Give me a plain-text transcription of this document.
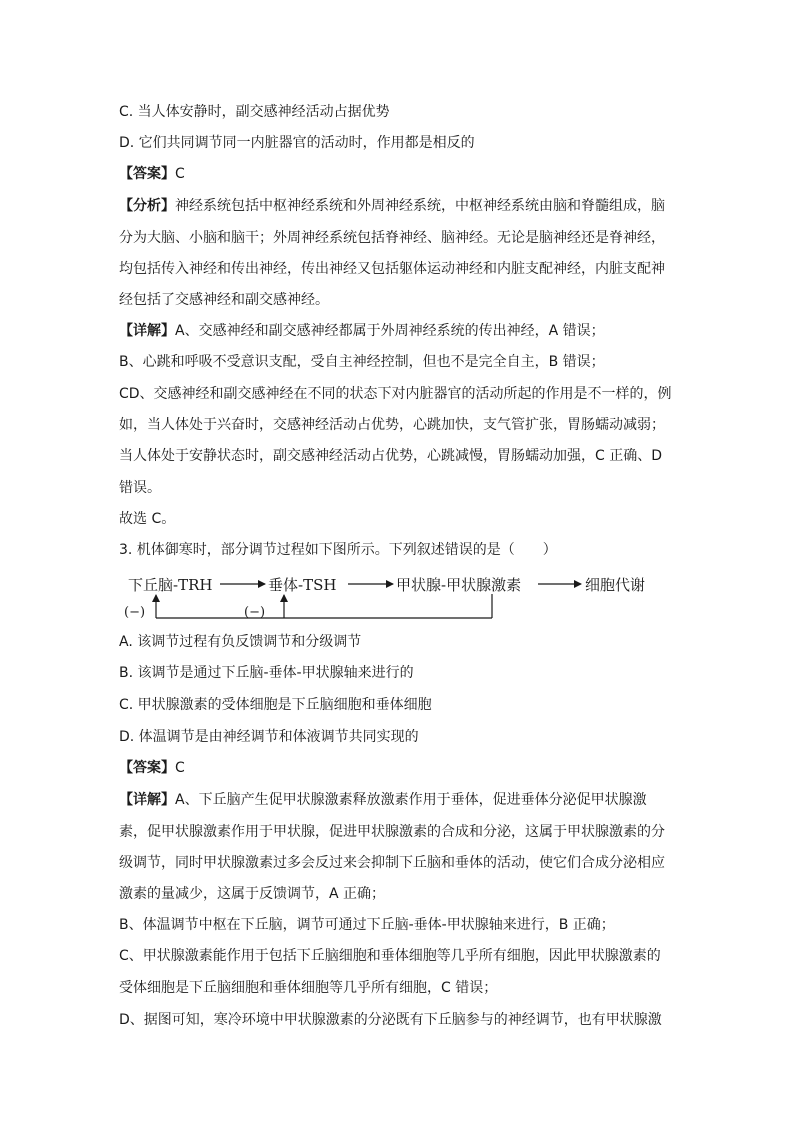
C. 当人体安静时，副交感神经活动占据优势
D. 它们共同调节同一内脏器官的活动时，作用都是相反的
【答案】C
【分析】神经系统包括中枢神经系统和外周神经系统，中枢神经系统由脑和脊髓组成，脑
分为大脑、小脑和脑干；外周神经系统包括脊神经、脑神经。无论是脑神经还是脊神经，
均包括传入神经和传出神经，传出神经又包括躯体运动神经和内脏支配神经，内脏支配神
经包括了交感神经和副交感神经。
【详解】A、交感神经和副交感神经都属于外周神经系统的传出神经，A 错误；
B、心跳和呼吸不受意识支配，受自主神经控制，但也不是完全自主，B 错误；
CD、交感神经和副交感神经在不同的状态下对内脏器官的活动所起的作用是不一样的，例
如，当人体处于兴奋时，交感神经活动占优势，心跳加快，支气管扩张，胃肠蠕动减弱；
当人体处于安静状态时，副交感神经活动占优势，心跳减慢，胃肠蠕动加强，C 正确、D
错误。
故选 C。
3. 机体御寒时，部分调节过程如下图所示。下列叙述错误的是（　　）
下丘脑-TRH	垂体-TSH	甲状腺-甲状腺激素	细胞代谢
(−)	(−)
A. 该调节过程有负反馈调节和分级调节
B. 该调节是通过下丘脑-垂体-甲状腺轴来进行的
C. 甲状腺激素的受体细胞是下丘脑细胞和垂体细胞
D. 体温调节是由神经调节和体液调节共同实现的
【答案】C
【详解】A、下丘脑产生促甲状腺激素释放激素作用于垂体，促进垂体分泌促甲状腺激
素，促甲状腺激素作用于甲状腺，促进甲状腺激素的合成和分泌，这属于甲状腺激素的分
级调节，同时甲状腺激素过多会反过来会抑制下丘脑和垂体的活动，使它们合成分泌相应
激素的量减少，这属于反馈调节，A 正确；
B、体温调节中枢在下丘脑，调节可通过下丘脑-垂体-甲状腺轴来进行，B 正确；
C、甲状腺激素能作用于包括下丘脑细胞和垂体细胞等几乎所有细胞，因此甲状腺激素的
受体细胞是下丘脑细胞和垂体细胞等几乎所有细胞，C 错误；
D、据图可知，寒冷环境中甲状腺激素的分泌既有下丘脑参与的神经调节，也有甲状腺激
